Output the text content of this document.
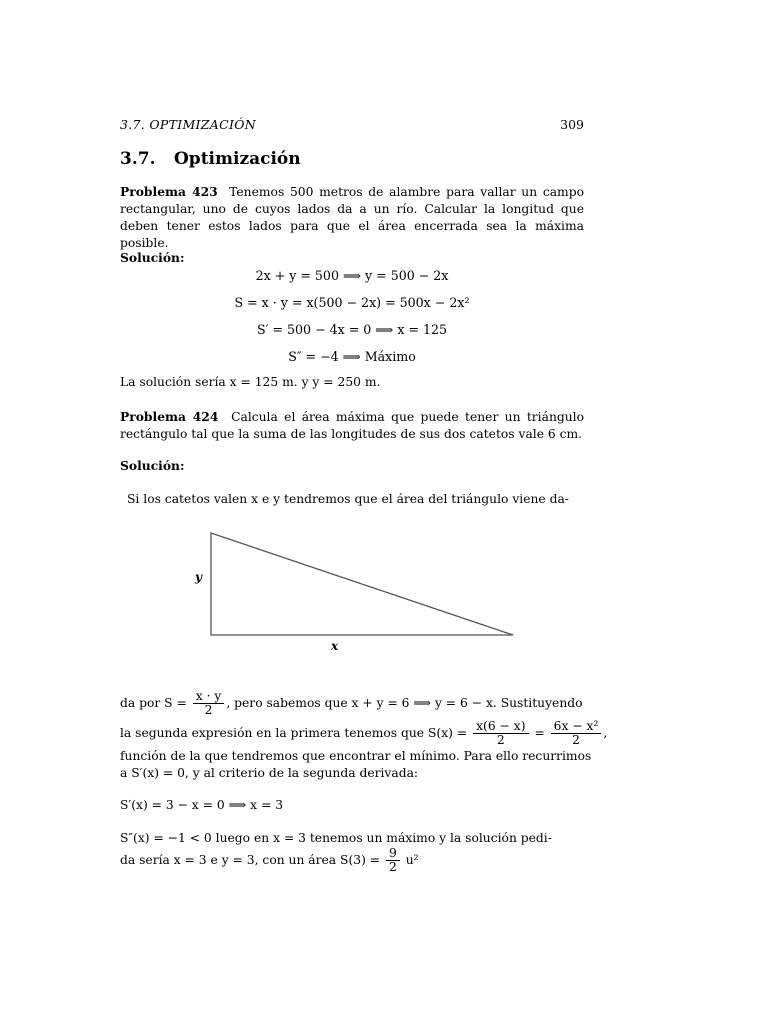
3.7. OPTIMIZACIÓN	309
3.7. Optimización
Problema 423 Tenemos 500 metros de alambre para vallar un campo rectangular, uno de cuyos lados da a un río. Calcular la longitud que deben tener estos lados para que el área encerrada sea la máxima posible.
Solución:
2x + y = 500 ⟹ y = 500 − 2x
S = x · y = x(500 − 2x) = 500x − 2x²
S′ = 500 − 4x = 0 ⟹ x = 125
S″ = −4 ⟹ Máximo
La solución sería x = 125 m. y y = 250 m.
Problema 424 Calcula el área máxima que puede tener un triángulo rectángulo tal que la suma de las longitudes de sus dos catetos vale 6 cm.
Solución:
Si los catetos valen x e y tendremos que el área del triángulo viene da-
y
x
da por $S = \frac{x \cdot y}{2}$ , pero sabemos que x + y = 6 ⟹ y = 6 − x. Sustituyendo
la segunda expresión en la primera tenemos que $S(x) = \frac{x(6 - x)}{2} = \frac{\text{6x − x²}}{2}$ ,
función de la que tendremos que encontrar el mínimo. Para ello recurrimos
a S′(x) = 0, y al criterio de la segunda derivada:
S′(x) = 3 − x = 0 ⟹ x = 3
S″(x) = −1 < 0 luego en x = 3 tenemos un máximo y la solución pedi-
da sería x = 3 e y = 3, con un área $S(3) = \frac{9}{2} u^2$
